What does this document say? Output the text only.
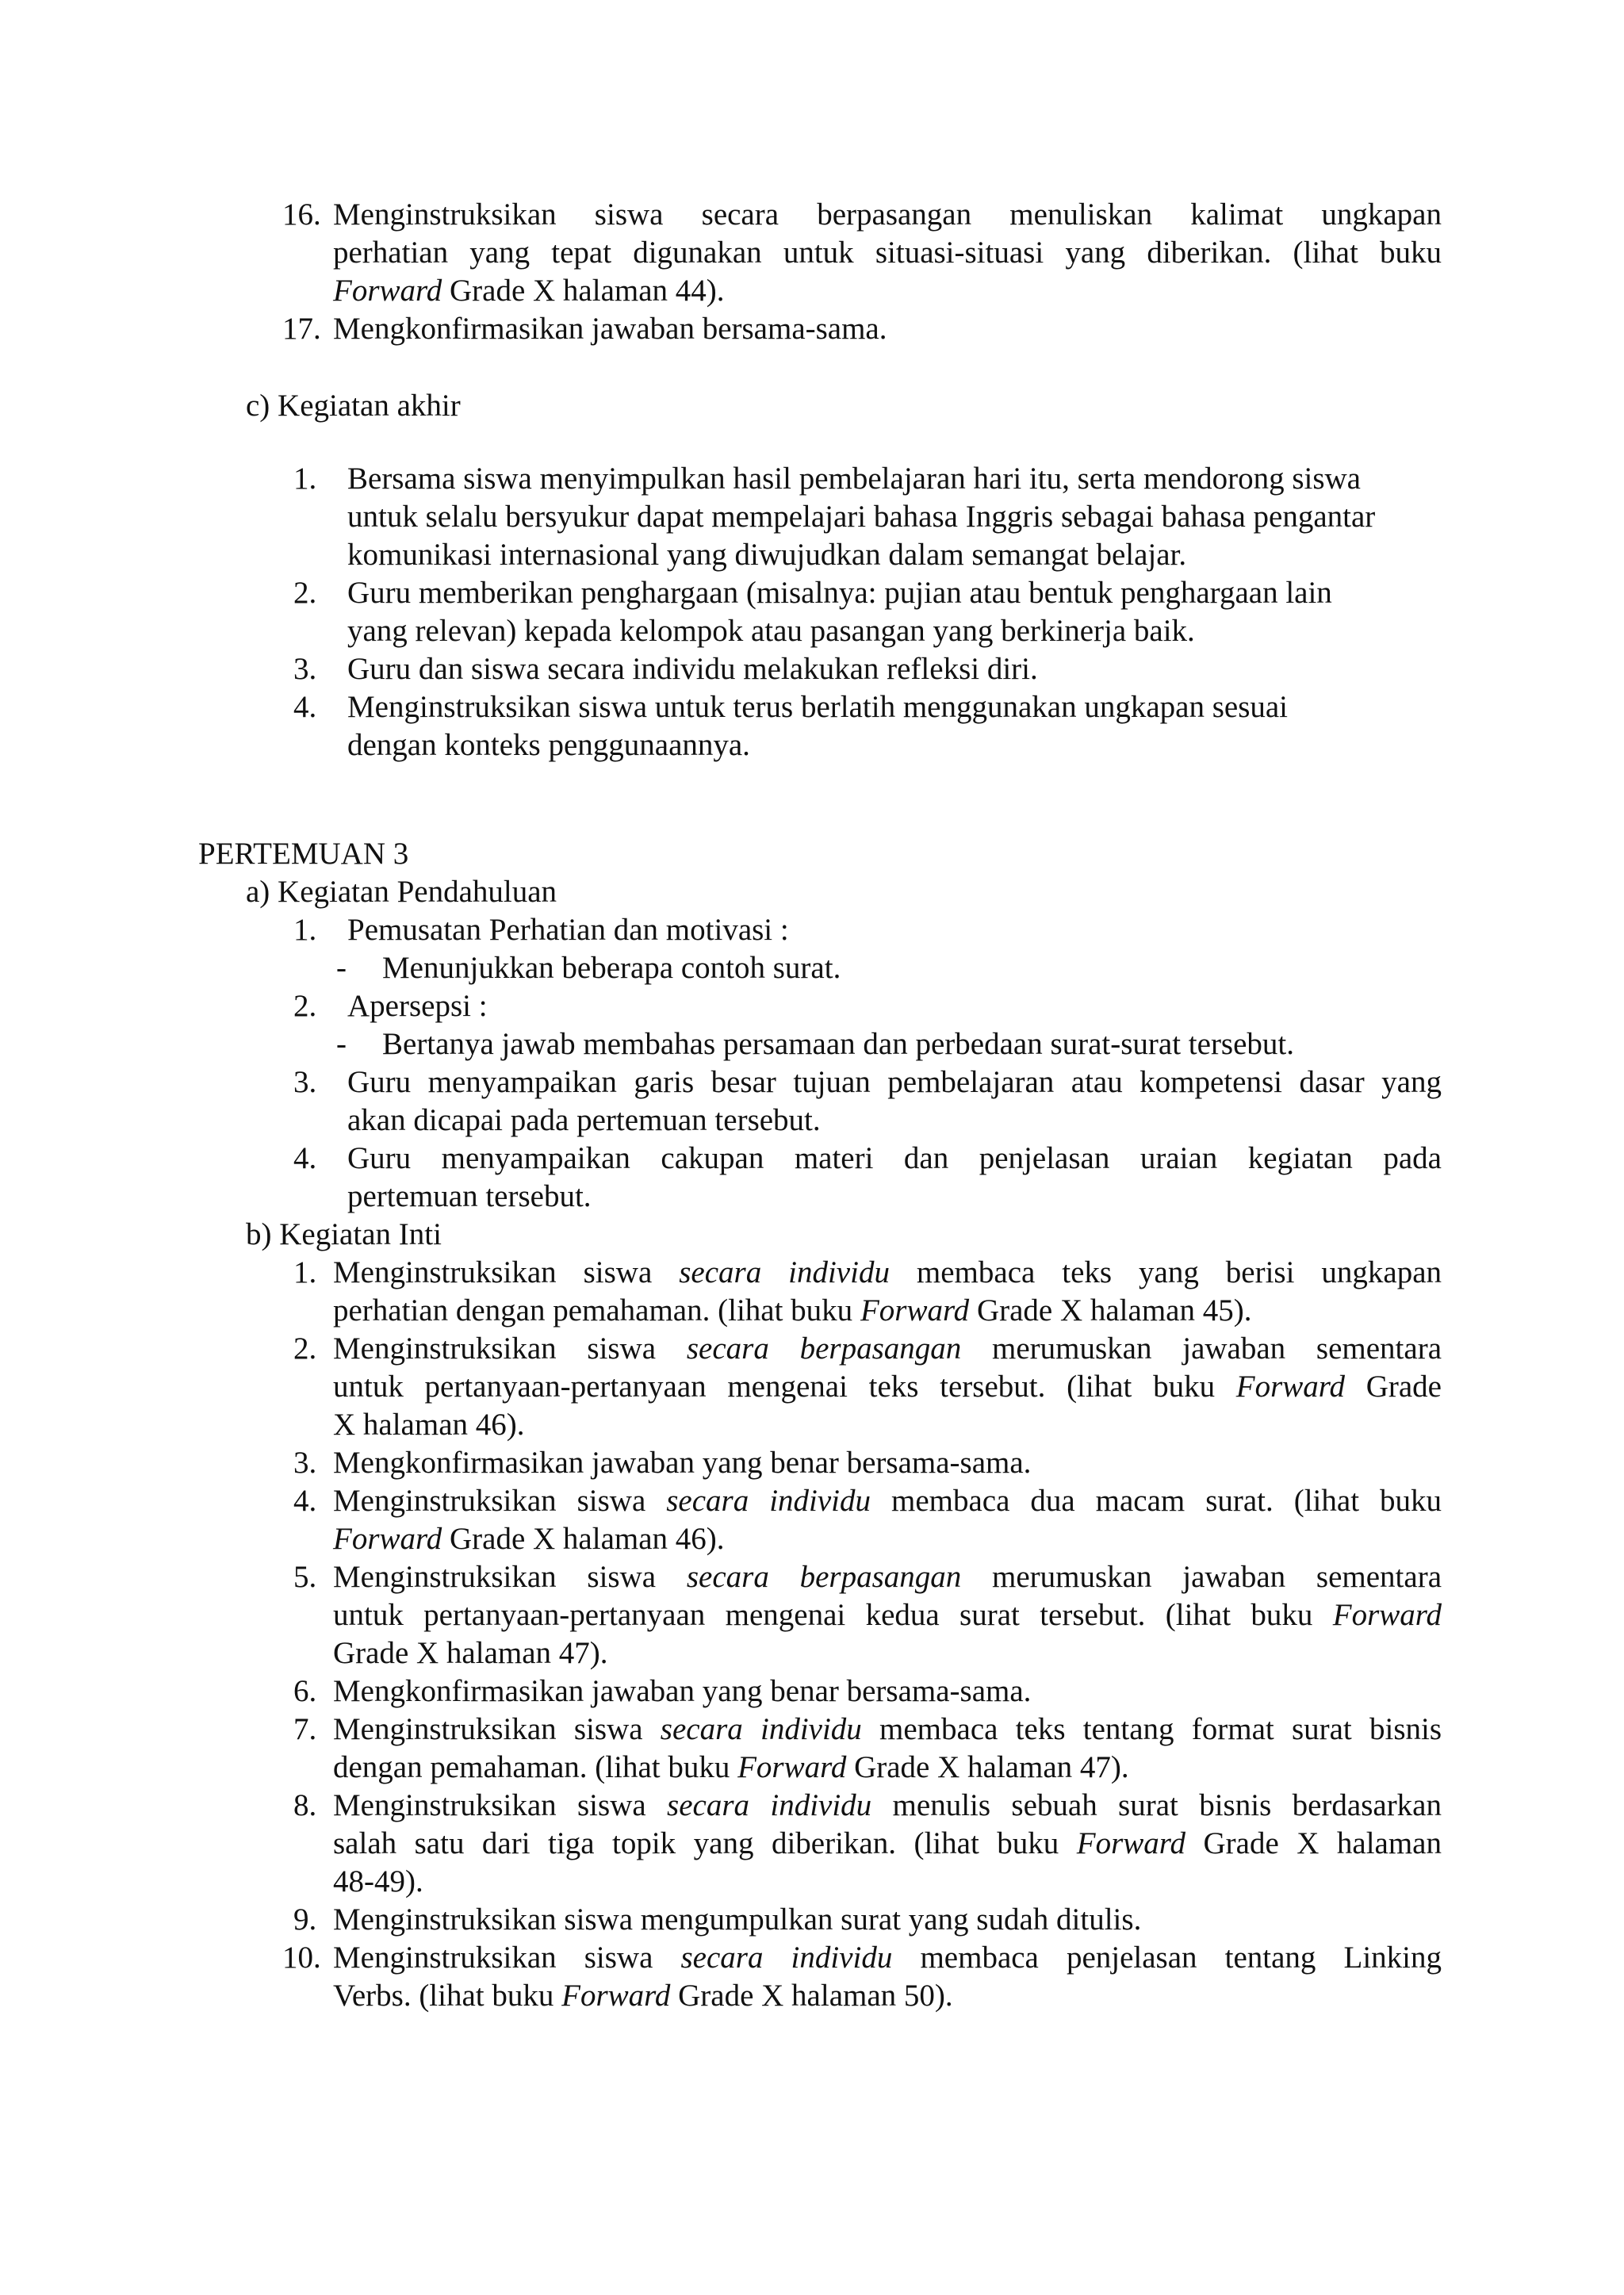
16. Menginstruksikan siswa secara berpasangan menuliskan kalimat ungkapan
perhatian yang tepat digunakan untuk situasi-situasi yang diberikan. (lihat buku
Forward Grade X halaman 44).
17. Mengkonfirmasikan jawaban bersama-sama.
c) Kegiatan akhir
1. Bersama siswa menyimpulkan hasil pembelajaran hari itu, serta mendorong siswa
untuk selalu bersyukur dapat mempelajari bahasa Inggris sebagai bahasa pengantar
komunikasi internasional yang diwujudkan dalam semangat belajar.
2. Guru memberikan penghargaan (misalnya: pujian atau bentuk penghargaan lain
yang relevan) kepada kelompok atau pasangan yang berkinerja baik.
3. Guru dan siswa secara individu melakukan refleksi diri.
4. Menginstruksikan siswa untuk terus berlatih menggunakan ungkapan sesuai
dengan konteks penggunaannya.
PERTEMUAN 3
a) Kegiatan Pendahuluan
1. Pemusatan Perhatian dan motivasi :
- Menunjukkan beberapa contoh surat.
2. Apersepsi :
- Bertanya jawab membahas persamaan dan perbedaan surat-surat tersebut.
3. Guru menyampaikan garis besar tujuan pembelajaran atau kompetensi dasar yang
akan dicapai pada pertemuan tersebut.
4. Guru menyampaikan cakupan materi dan penjelasan uraian kegiatan pada
pertemuan tersebut.
b) Kegiatan Inti
1. Menginstruksikan siswa secara individu membaca teks yang berisi ungkapan
perhatian dengan pemahaman. (lihat buku Forward Grade X halaman 45).
2. Menginstruksikan siswa secara berpasangan merumuskan jawaban sementara
untuk pertanyaan-pertanyaan mengenai teks tersebut. (lihat buku Forward Grade
X halaman 46).
3. Mengkonfirmasikan jawaban yang benar bersama-sama.
4. Menginstruksikan siswa secara individu membaca dua macam surat. (lihat buku
Forward Grade X halaman 46).
5. Menginstruksikan siswa secara berpasangan merumuskan jawaban sementara
untuk pertanyaan-pertanyaan mengenai kedua surat tersebut. (lihat buku Forward
Grade X halaman 47).
6. Mengkonfirmasikan jawaban yang benar bersama-sama.
7. Menginstruksikan siswa secara individu membaca teks tentang format surat bisnis
dengan pemahaman. (lihat buku Forward Grade X halaman 47).
8. Menginstruksikan siswa secara individu menulis sebuah surat bisnis berdasarkan
salah satu dari tiga topik yang diberikan. (lihat buku Forward Grade X halaman
48-49).
9. Menginstruksikan siswa mengumpulkan surat yang sudah ditulis.
10. Menginstruksikan siswa secara individu membaca penjelasan tentang Linking
Verbs. (lihat buku Forward Grade X halaman 50).
